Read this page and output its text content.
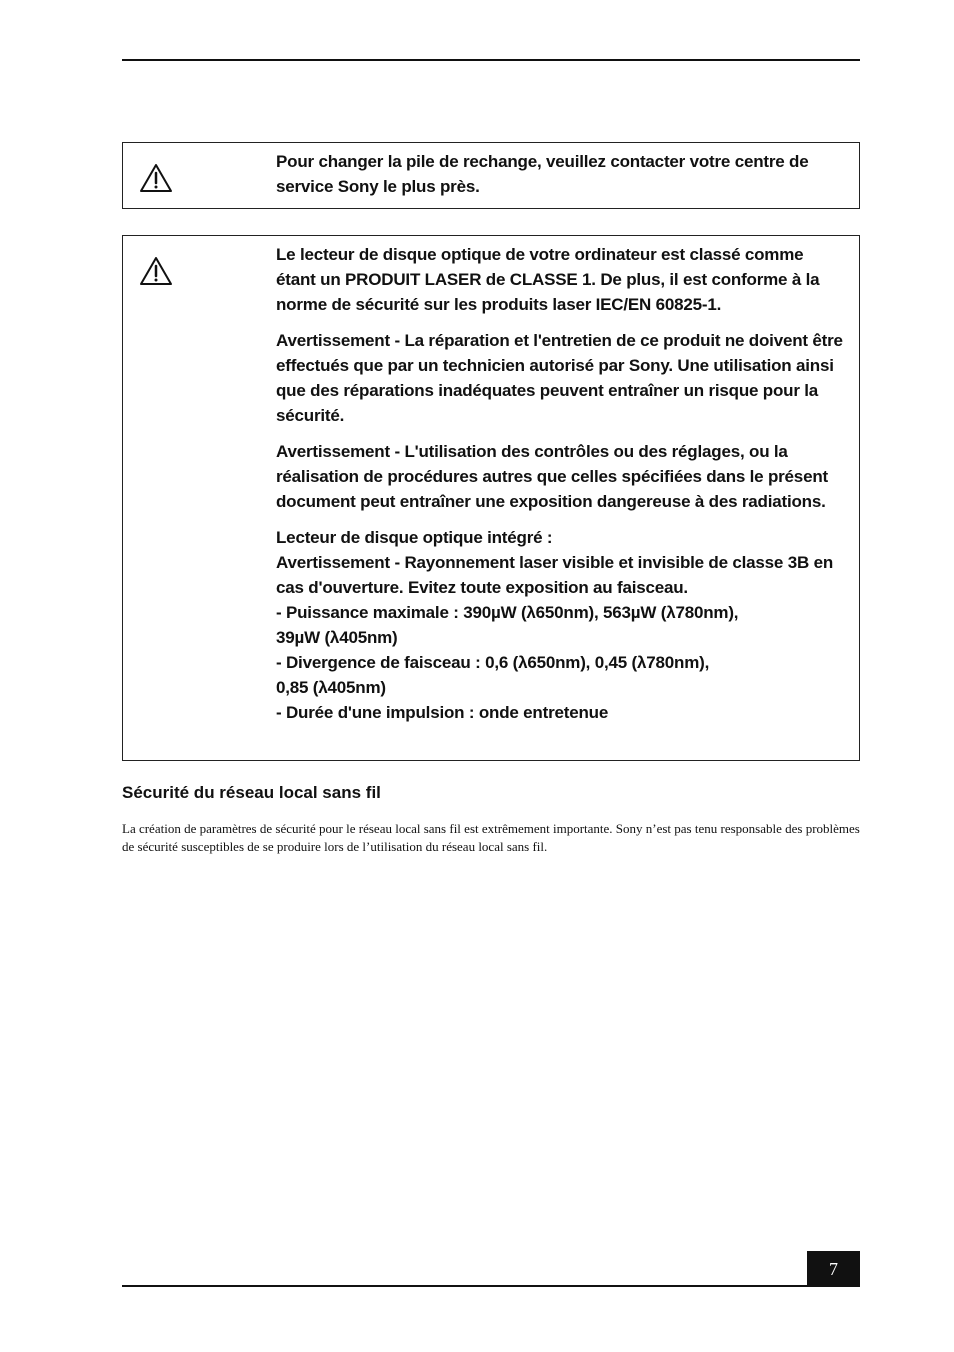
Pour changer la pile de rechange, veuillez contacter votre centre de service Sony le plus près.

Le lecteur de disque optique de votre ordinateur est classé comme étant un PRODUIT LASER de CLASSE 1. De plus, il est conforme à la norme de sécurité sur les produits laser IEC/EN 60825-1.

Avertissement - La réparation et l'entretien de ce produit ne doivent être effectués que par un technicien autorisé par Sony. Une utilisation ainsi que des réparations inadéquates peuvent entraîner un risque pour la sécurité.

Avertissement - L'utilisation des contrôles ou des réglages, ou la réalisation de procédures autres que celles spécifiées dans le présent document peut entraîner une exposition dangereuse à des radiations.

Lecteur de disque optique intégré :
Avertissement - Rayonnement laser visible et invisible de classe 3B en cas d'ouverture. Evitez toute exposition au faisceau.
- Puissance maximale : 390µW (λ650nm), 563µW (λ780nm),
39µW (λ405nm)
- Divergence de faisceau : 0,6 (λ650nm), 0,45 (λ780nm),
0,85 (λ405nm)
- Durée d'une impulsion : onde entretenue

Sécurité du réseau local sans fil

La création de paramètres de sécurité pour le réseau local sans fil est extrêmement importante. Sony n’est pas tenu responsable des problèmes de sécurité susceptibles de se produire lors de l’utilisation du réseau local sans fil.

7
